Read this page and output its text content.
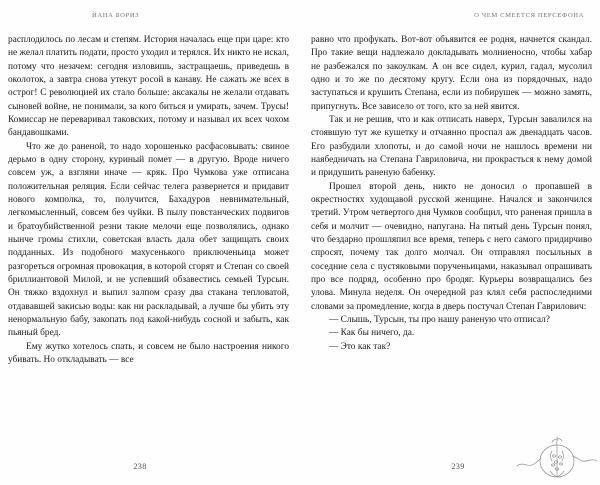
ЙАНА БОРИЗ

расплодилось по лесам и степям. История началась еще при царе: кто не желал платить подати, просто уходил и терялся. Их никто не искал, потому что незачем: сегодня изловишь, застращаешь, приведешь в околоток, а завтра снова утекут росой в канаву. Не сажать же всех в острог! С революцией их стало больше: аксакалы не желали отдавать сыновей войне, не понимали, за кого биться и умирать, зачем. Трусы! Комиссар не переваривал таковских, потому и называл их всех чохом бандавошками.

Что же до раненой, то надо хорошенько расфасовывать: свиное дерьмо в одну сторону, куриный помет — в другую. Вроде ничего совсем уж, а взгляни иначе — кряк. Про Чумкова уже отписана положительная реляция. Если сейчас телега развернется и придавит нового комполка, то, получится, Бахадуров невнимательный, легкомысленный, совсем без чуйки. В пылу повстанческих подвигов и братоубийственной резни такие мелочи еще позволялись, однако нынче громы стихли, советская власть дала обет защищать своих подданных. Из подобного махусенького приключеньица может разгореться огромная провокация, в которой сгорят и Степан со своей бриллиантовой Милой, и не успевший обзавестись семьей Турсын. Он тяжко вздохнул и выпил залпом сразу два стакана тепловатой, отдававшей закисью воды: как ни раскладывай, а лучше бы убить эту ненормальную бабу, закопать под какой-нибудь сосной и забыть, как пьяный бред.

Ему жутко хотелось спать, и совсем не было настроения никого убивать. Но откладывать — все

238
О ЧЕМ СМЕЕТСЯ ПЕРСЕФОНА

равно что профукать. Вот-вот объявится ее родня, начнется скандал. Про такие вещи надлежало докладывать молниеносно, чтобы хабар не разбежался по закоулкам. А он все сидел, курил, гадал, мусолил одно и то же по десятому кругу. Если она из порядочных, надо заступаться и крушить Степана, если из побирушек — можно замять, припугнуть. Все зависело от того, кто за ней явится.

Так и не решив, что и как отписать наверх, Турсын завалился на стоявшую тут же кушетку и отчаянно проспал аж двенадцать часов. Его разбудили хлопоты, и до самой ночи не нашлось времени ни наябедничать на Степана Гавриловича, ни прокрасться к нему домой и придушить раненую бабенку.

Прошел второй день, никто не доносил о пропавшей в окрестностях худощавой русской женщине. Начался и закончился третий. Утром четвертого дня Чумков сообщил, что раненая пришла в себя и молчит — очевидно, напугана. На пятый день Турсын понял, что бездарно прошляпил все время, теперь с него самого придирчиво спросят, почему так долго молчал. Он отправлял посыльных в соседние села с пустяковыми порученьицами, наказывал опрашивать про все подряд, особенно про бродяг. Курьеры возвращались без улова. Минула неделя. Он очередной раз клял себя распоследними словами за промедление, когда в дверь постучал Степан Гаврилович:

— Слышь, Турсын, ты про нашу раненую что отписал?

— Как бы ничего, да.

— Это как так?

239
